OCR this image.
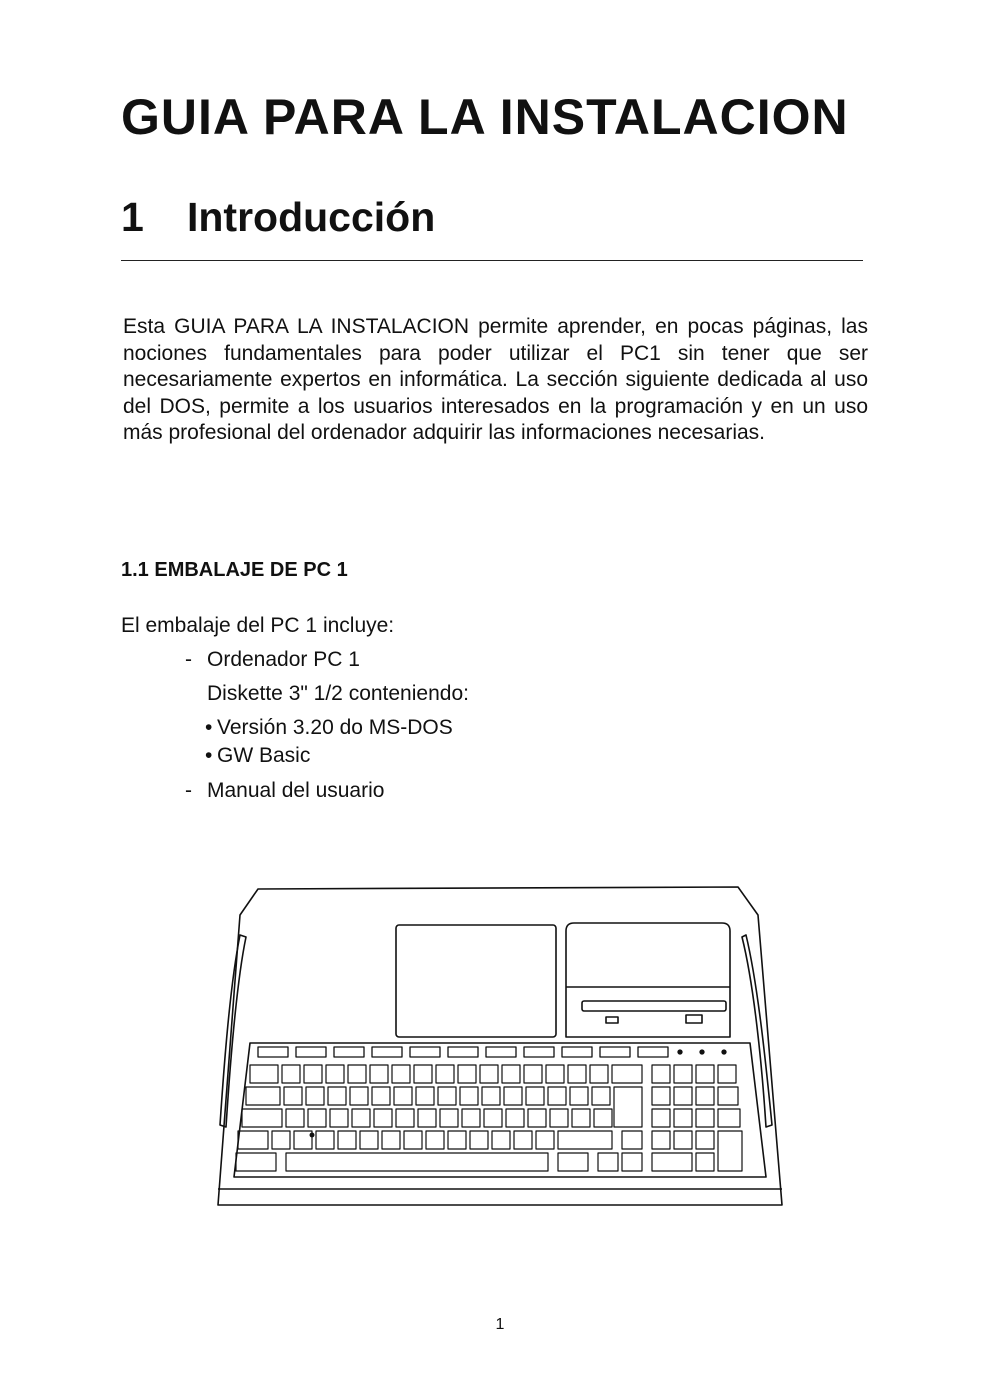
GUIA PARA LA INSTALACION
1 Introducción

Esta GUIA PARA LA INSTALACION permite aprender, en pocas páginas, las nociones fundamentales para poder utilizar el PC1 sin tener que ser necesariamente expertos en informática. La sección siguiente dedicada al uso del DOS, permite a los usuarios interesados en la programación y en un uso más profesional del ordenador adquirir las informaciones necesarias.

1.1 EMBALAJE DE PC 1

El embalaje del PC 1 incluye:

- Ordenador PC 1

Diskette 3" 1/2 conteniendo:

• Versión 3.20 do MS-DOS

• GW Basic

- Manual del usuario

1
